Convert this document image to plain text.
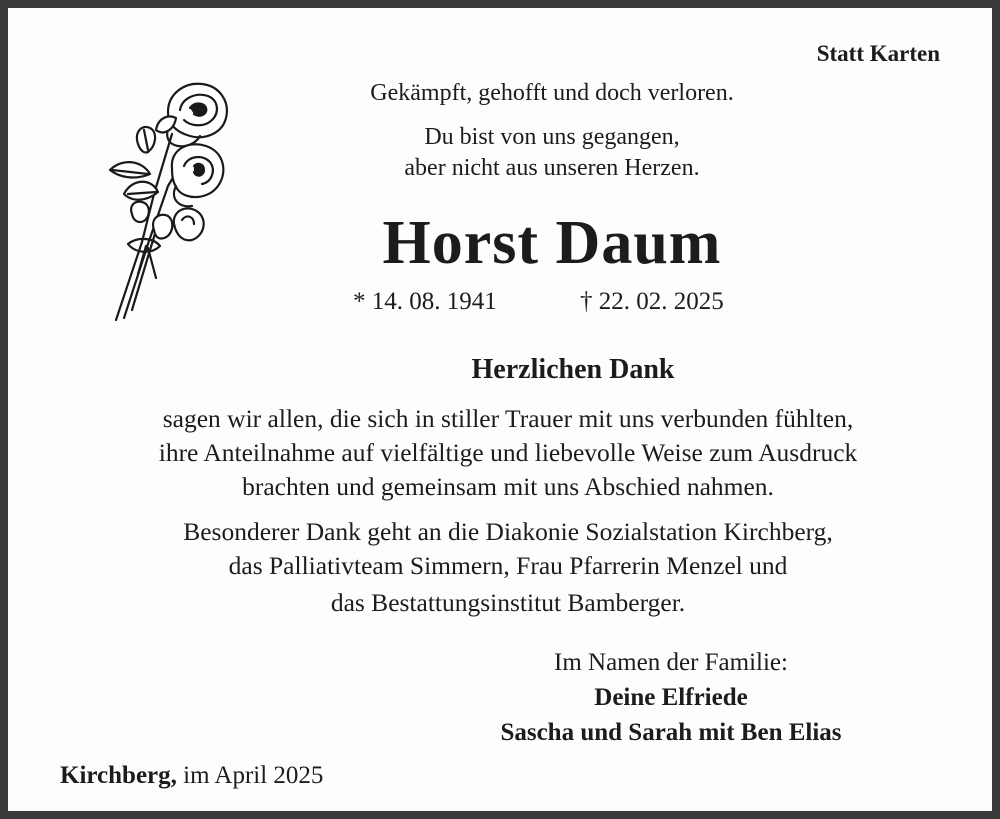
Statt Karten
Gekämpft, gehofft und doch verloren.
Du bist von uns gegangen,
aber nicht aus unseren Herzen.
Horst Daum
* 14. 08. 1941	† 22. 02. 2025
Herzlichen Dank
sagen wir allen, die sich in stiller Trauer mit uns verbunden fühlten,
ihre Anteilnahme auf vielfältige und liebevolle Weise zum Ausdruck
brachten und gemeinsam mit uns Abschied nahmen.
Besonderer Dank geht an die Diakonie Sozialstation Kirchberg,
das Palliativteam Simmern, Frau Pfarrerin Menzel und
das Bestattungsinstitut Bamberger.
Im Namen der Familie:
Deine Elfriede
Sascha und Sarah mit Ben Elias
Kirchberg, im April 2025
